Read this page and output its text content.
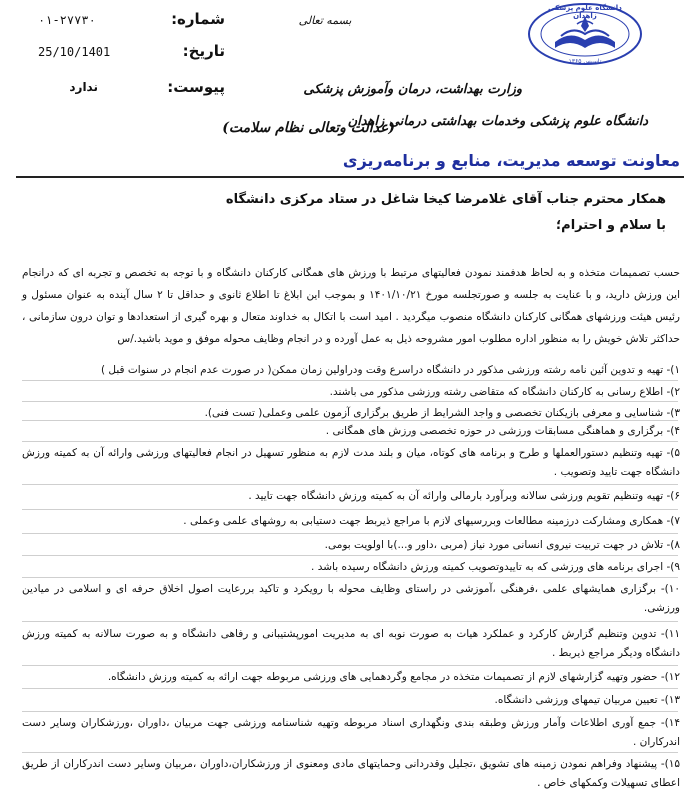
شماره:
۰۱-۲۷۷۳۰
تاریخ:
25/10/1401
پیوست:
ندارد
بسمه تعالی
دانشگاه علوم پزشکی زاهدان
تاسیس ۱۳۶۵
وزارت بهداشت، درمان وآموزش پزشکی
دانشگاه علوم پزشکی وخدمات بهداشتی درمانی زاهدان
(عدالت وتعالی نظام سلامت)
معاونت توسعه مدیریت، منابع و برنامه‌ریزی
همکار محترم جناب آقای غلامرضا کیخا شاغل در ستاد مرکزی دانشگاه
با سلام و احترام؛
حسب تصمیمات متخذه و به لحاظ هدفمند نمودن فعالیتهای مرتبط با ورزش های همگانی کارکنان دانشگاه و با توجه به تخصص و تجربه ای که درانجام این ورزش دارید، و با عنایت به جلسه و صورتجلسه مورخ ۱۴۰۱/۱۰/۲۱ و بموجب این ابلاغ تا اطلاع ثانوی و حداقل تا ۲ سال آینده به عنوان مسئول و رئیس هیئت ورزشهای همگانی کارکنان دانشگاه منصوب میگردید . امید است با اتکال به خداوند متعال و بهره گیری از استعدادها و توان درون سازمانی ، حداکثر تلاش خویش را به منظور اداره مطلوب امور مشروحه ذیل به عمل آورده و در انجام وظایف محوله موفق و موید باشید./س
۱)- تهیه و تدوین آئین نامه رشته ورزشی مذکور در دانشگاه دراسرع وقت ودراولین زمان ممکن( در صورت عدم انجام در سنوات قبل )
۲)- اطلاع رسانی به کارکنان دانشگاه که متقاضی رشته ورزشی مذکور می باشند.
۳)- شناسایی و معرفی بازیکنان تخصصی و واجد الشرایط از طریق برگزاری آزمون علمی وعملی( تست فنی).
۴)- برگزاری و هماهنگی مسابقات ورزشی در حوزه تخصصی ورزش های همگانی .
۵)- تهیه وتنظیم دستورالعملها و طرح و برنامه های کوتاه، میان و بلند مدت لازم به منظور تسهیل در انجام فعالیتهای ورزشی وارائه آن به کمیته ورزش دانشگاه جهت تایید وتصویب .
۶)- تهیه وتنظیم تقویم ورزشی سالانه وبرآورد بارمالی وارائه آن به کمیته ورزش دانشگاه جهت تایید .
۷)- همکاری ومشارکت درزمینه مطالعات وبررسیهای لازم با مراجع ذیربط جهت دستیابی به روشهای علمی وعملی .
۸)- تلاش در جهت تربیت نیروی انسانی مورد نیاز (مربی ،داور و...)با اولویت بومی.
۹)- اجرای برنامه های ورزشی که به تاییدوتصویب کمیته ورزش دانشگاه رسیده باشد .
۱۰)- برگزاری همایشهای علمی ،فرهنگی ،آموزشی در راستای وظایف محوله با رویکرد و تاکید بررعایت اصول اخلاق حرفه ای و اسلامی در میادین ورزشی.
۱۱)- تدوین وتنظیم گزارش کارکرد و عملکرد هیات به صورت نوبه ای به مدیریت امورپشتیبانی و رفاهی دانشگاه و به صورت سالانه به کمیته ورزش دانشگاه ودیگر مراجع ذیربط .
۱۲)- حضور وتهیه گزارشهای لازم از تصمیمات متخذه در مجامع وگردهمایی های ورزشی مربوطه جهت ارائه به کمیته ورزش دانشگاه.
۱۳)- تعیین مربیان تیمهای ورزشی دانشگاه.
۱۴)- جمع آوری اطلاعات وآمار ورزش وطبقه بندی ونگهداری اسناد مربوطه وتهیه شناسنامه ورزشی جهت مربیان ،داوران ،ورزشکاران وسایر دست اندرکاران .
۱۵)- پیشنهاد وفراهم نمودن زمینه های تشویق ،تجلیل وقدردانی وحمایتهای مادی ومعنوی از ورزشکاران،داوران ،مربیان وسایر دست اندرکاران از طریق اعطای تسهیلات وکمکهای خاص .
